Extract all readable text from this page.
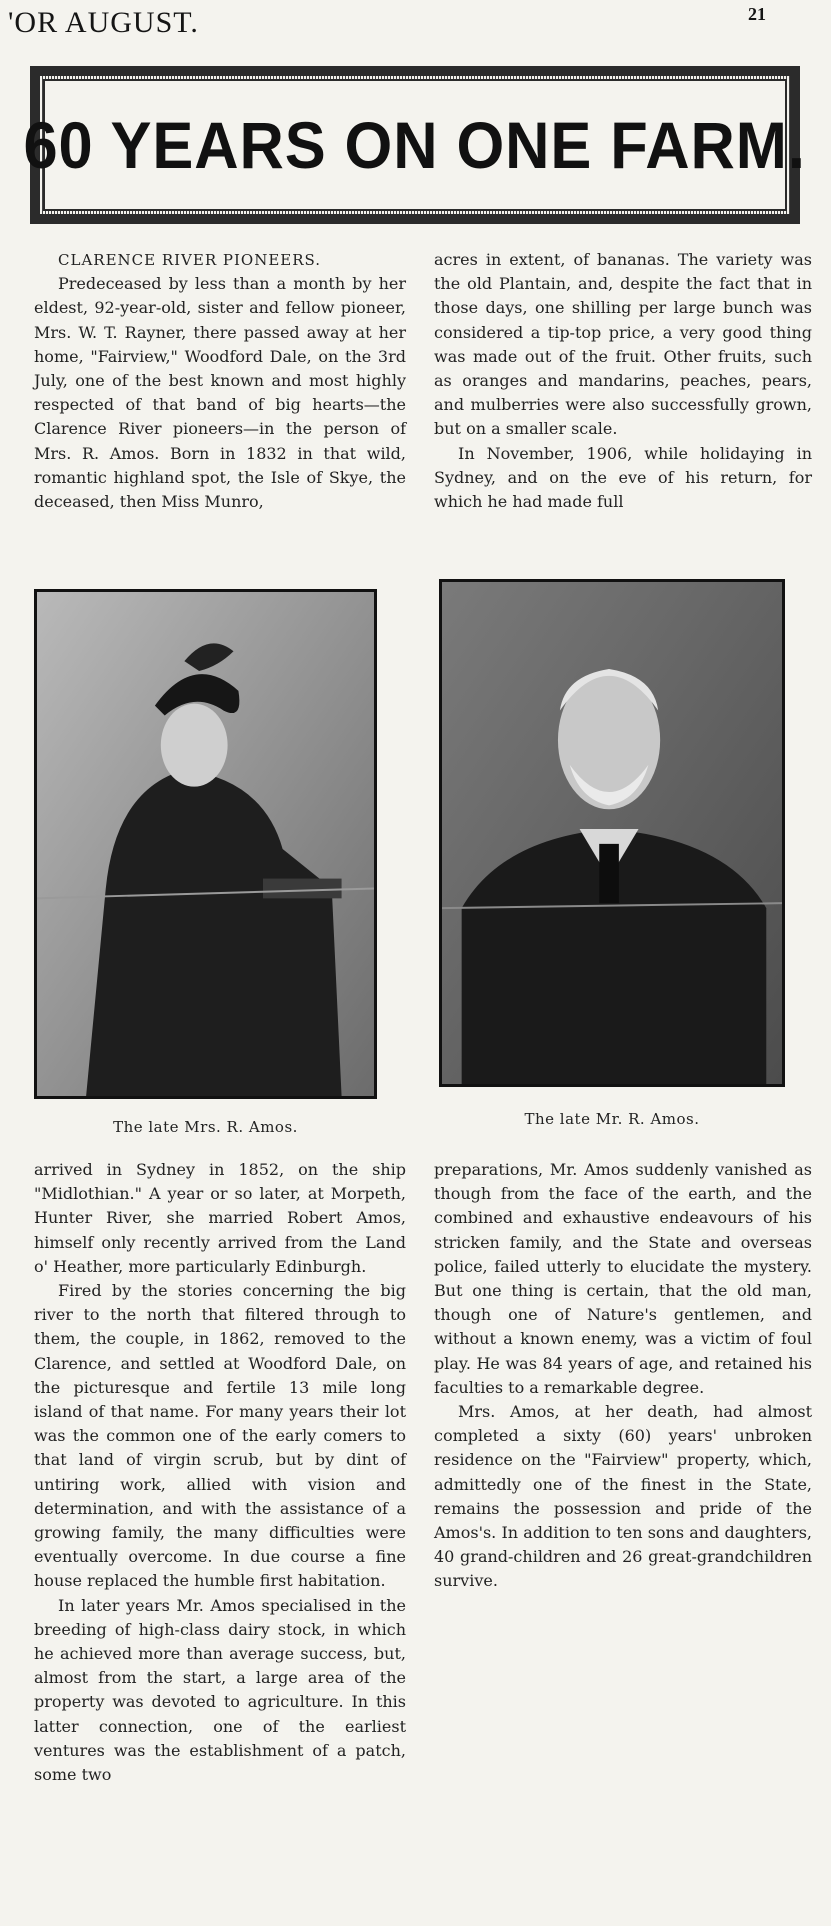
'OR AUGUST.	21
60 YEARS ON ONE FARM.
CLARENCE RIVER PIONEERS.

Predeceased by less than a month by her eldest, 92-year-old, sister and fellow pioneer, Mrs. W. T. Rayner, there passed away at her home, "Fairview," Woodford Dale, on the 3rd July, one of the best known and most highly respected of that band of big hearts—the Clarence River pioneers—in the person of Mrs. R. Amos. Born in 1832 in that wild, romantic highland spot, the Isle of Skye, the deceased, then Miss Munro,

acres in extent, of bananas. The variety was the old Plantain, and, despite the fact that in those days, one shilling per large bunch was considered a tip-top price, a very good thing was made out of the fruit. Other fruits, such as oranges and mandarins, peaches, pears, and mulberries were also successfully grown, but on a smaller scale.

In November, 1906, while holidaying in Sydney, and on the eve of his return, for which he had made full

The late Mrs. R. Amos.	The late Mr. R. Amos.

arrived in Sydney in 1852, on the ship "Midlothian." A year or so later, at Morpeth, Hunter River, she married Robert Amos, himself only recently arrived from the Land o' Heather, more particularly Edinburgh.

Fired by the stories concerning the big river to the north that filtered through to them, the couple, in 1862, removed to the Clarence, and settled at Woodford Dale, on the picturesque and fertile 13 mile long island of that name. For many years their lot was the common one of the early comers to that land of virgin scrub, but by dint of untiring work, allied with vision and determination, and with the assistance of a growing family, the many difficulties were eventually overcome. In due course a fine house replaced the humble first habitation.

In later years Mr. Amos specialised in the breeding of high-class dairy stock, in which he achieved more than average success, but, almost from the start, a large area of the property was devoted to agriculture. In this latter connection, one of the earliest ventures was the establishment of a patch, some two

preparations, Mr. Amos suddenly vanished as though from the face of the earth, and the combined and exhaustive endeavours of his stricken family, and the State and overseas police, failed utterly to elucidate the mystery. But one thing is certain, that the old man, though one of Nature's gentlemen, and without a known enemy, was a victim of foul play. He was 84 years of age, and retained his faculties to a remarkable degree.

Mrs. Amos, at her death, had almost completed a sixty (60) years' unbroken residence on the "Fairview" property, which, admittedly one of the finest in the State, remains the possession and pride of the Amos's. In addition to ten sons and daughters, 40 grand-children and 26 great-grandchildren survive.
